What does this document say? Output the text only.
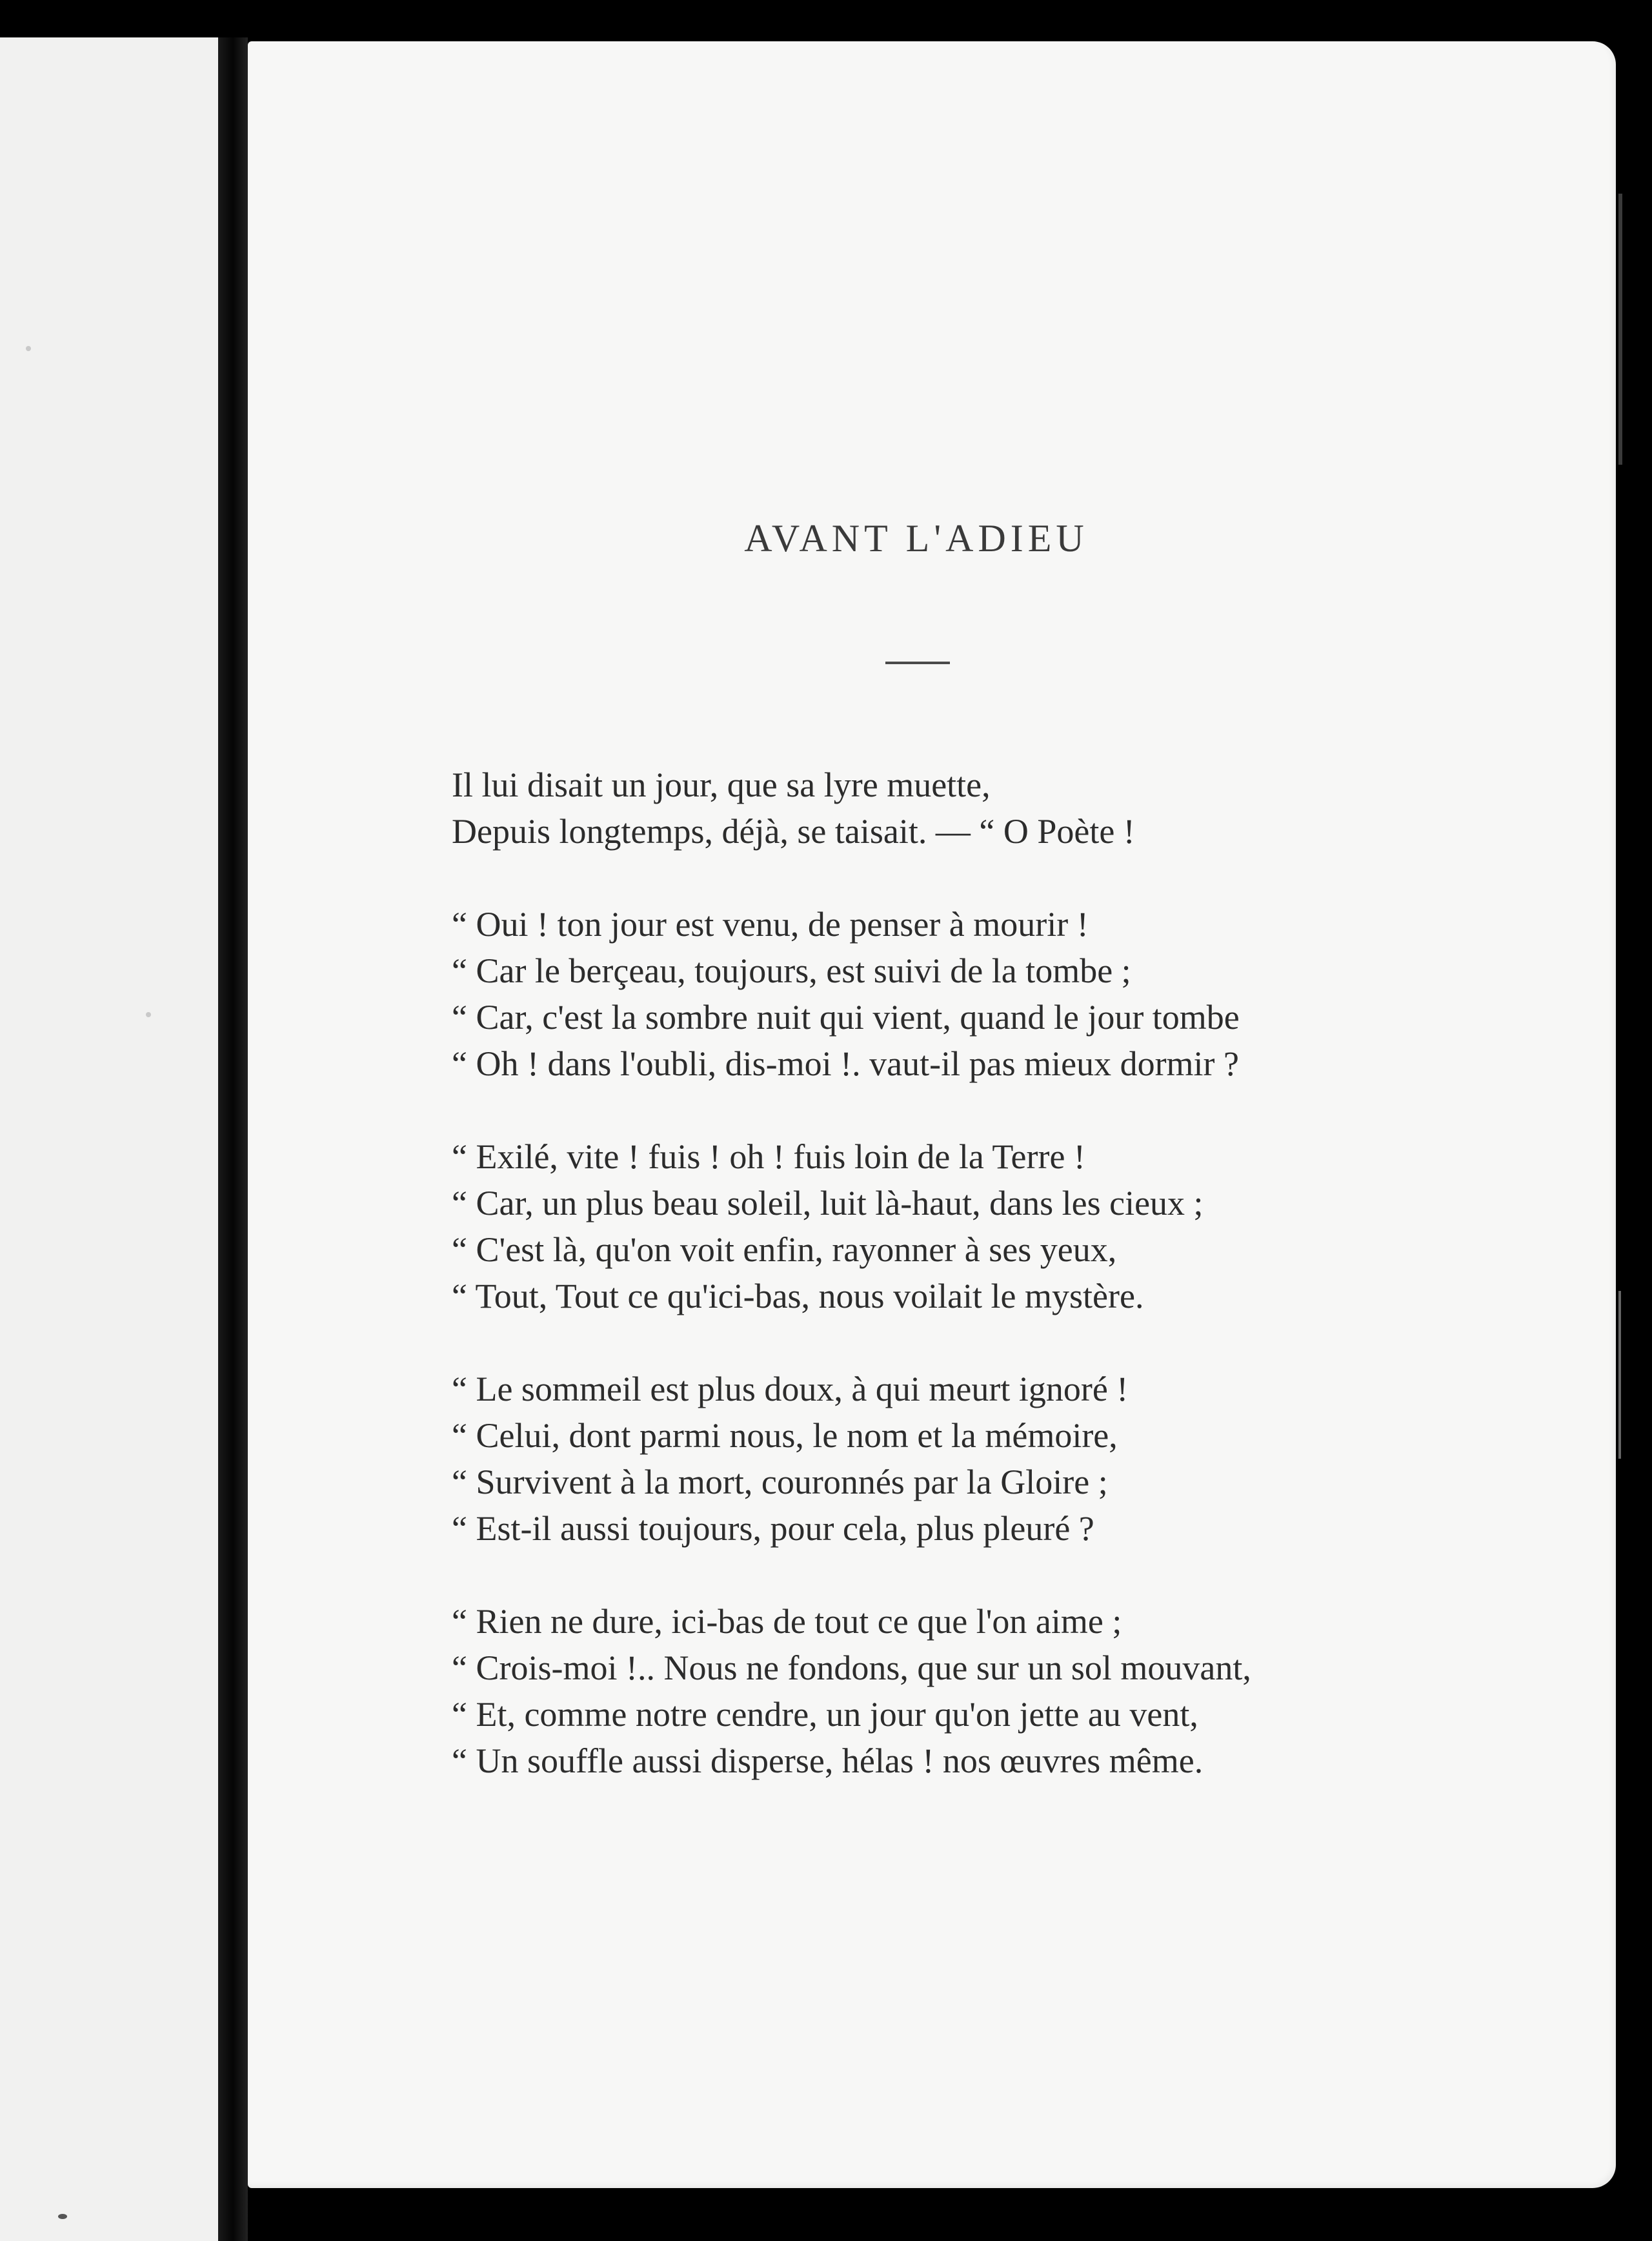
AVANT L'ADIEU
Il lui disait un jour, que sa lyre muette,
Depuis longtemps, déjà, se taisait. — “ O Poète !
“ Oui ! ton jour est venu, de penser à mourir !
“ Car le berçeau, toujours, est suivi de la tombe ;
“ Car, c'est la sombre nuit qui vient, quand le jour tombe
“ Oh ! dans l'oubli, dis-moi !. vaut-il pas mieux dormir ?
“ Exilé, vite ! fuis ! oh ! fuis loin de la Terre !
“ Car, un plus beau soleil, luit là-haut, dans les cieux ;
“ C'est là, qu'on voit enfin, rayonner à ses yeux,
“ Tout, Tout ce qu'ici-bas, nous voilait le mystère.
“ Le sommeil est plus doux, à qui meurt ignoré !
“ Celui, dont parmi nous, le nom et la mémoire,
“ Survivent à la mort, couronnés par la Gloire ;
“ Est-il aussi toujours, pour cela, plus pleuré ?
“ Rien ne dure, ici-bas de tout ce que l'on aime ;
“ Crois-moi !.. Nous ne fondons, que sur un sol mouvant,
“ Et, comme notre cendre, un jour qu'on jette au vent,
“ Un souffle aussi disperse, hélas ! nos œuvres même.
